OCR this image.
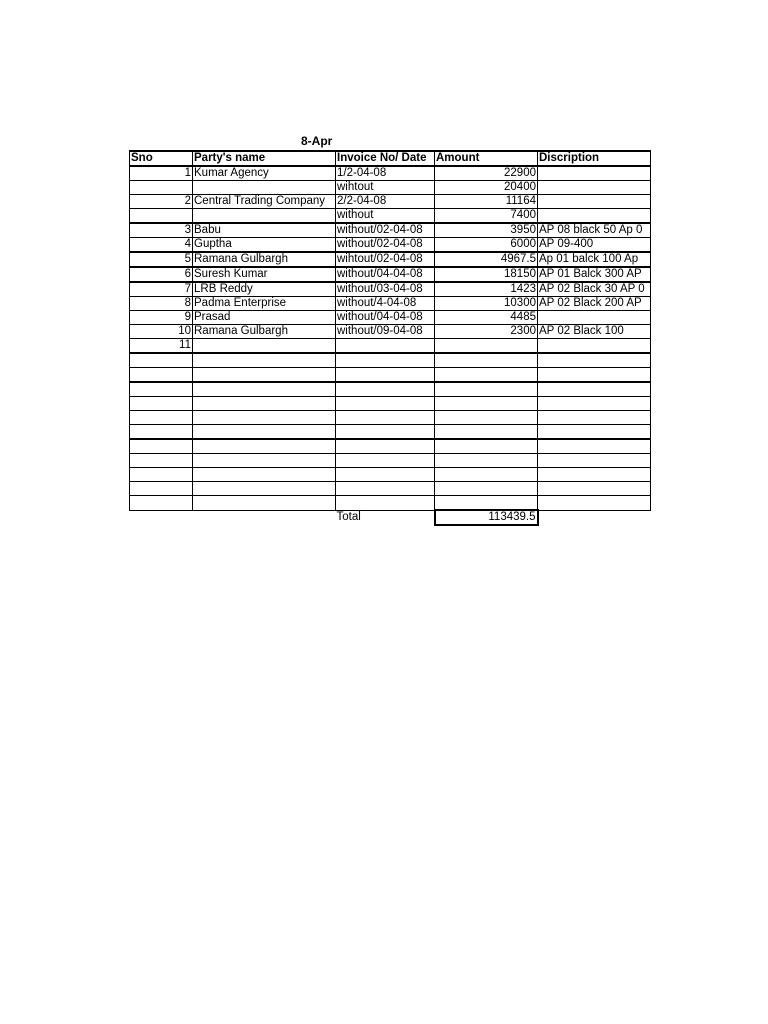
8-Apr
Sno	Party's name	Invoice No/ Date	Amount	Discription
1	Kumar Agency	1/2-04-08	22900	
		wihtout	20400	
2	Central Trading Company	2/2-04-08	11164	
		without	7400	
3	Babu	without/02-04-08	3950	AP 08 black 50 Ap 0
4	Guptha	without/02-04-08	6000	AP 09-400
5	Ramana Gulbargh	wihtout/02-04-08	4967.5	Ap 01 balck 100 Ap
6	Suresh Kumar	without/04-04-08	18150	AP 01 Balck 300 AP
7	LRB Reddy	without/03-04-08	1423	AP 02 Black 30 AP 0
8	Padma Enterprise	without/4-04-08	10300	AP 02 Black 200 AP
9	Prasad	without/04-04-08	4485	
10	Ramana Gulbargh	without/09-04-08	2300	AP 02 Black 100
11				

		Total	113439.5	
